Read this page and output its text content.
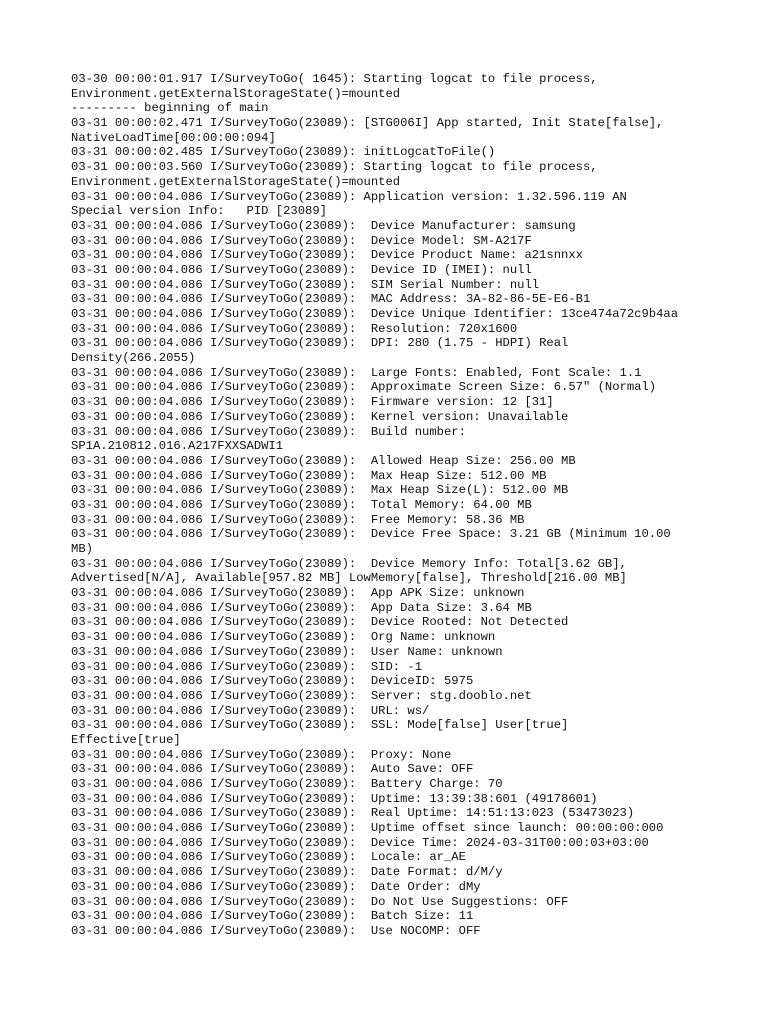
03-30 00:00:01.917 I/SurveyToGo( 1645): Starting logcat to file process,
Environment.getExternalStorageState()=mounted
--------- beginning of main
03-31 00:00:02.471 I/SurveyToGo(23089): [STG006I] App started, Init State[false],
NativeLoadTime[00:00:00:094]
03-31 00:00:02.485 I/SurveyToGo(23089): initLogcatToFile()
03-31 00:00:03.560 I/SurveyToGo(23089): Starting logcat to file process,
Environment.getExternalStorageState()=mounted
03-31 00:00:04.086 I/SurveyToGo(23089): Application version: 1.32.596.119 AN
Special version Info:   PID [23089]
03-31 00:00:04.086 I/SurveyToGo(23089):  Device Manufacturer: samsung
03-31 00:00:04.086 I/SurveyToGo(23089):  Device Model: SM-A217F
03-31 00:00:04.086 I/SurveyToGo(23089):  Device Product Name: a21snnxx
03-31 00:00:04.086 I/SurveyToGo(23089):  Device ID (IMEI): null
03-31 00:00:04.086 I/SurveyToGo(23089):  SIM Serial Number: null
03-31 00:00:04.086 I/SurveyToGo(23089):  MAC Address: 3A-82-86-5E-E6-B1
03-31 00:00:04.086 I/SurveyToGo(23089):  Device Unique Identifier: 13ce474a72c9b4aa
03-31 00:00:04.086 I/SurveyToGo(23089):  Resolution: 720x1600
03-31 00:00:04.086 I/SurveyToGo(23089):  DPI: 280 (1.75 - HDPI) Real
Density(266.2055)
03-31 00:00:04.086 I/SurveyToGo(23089):  Large Fonts: Enabled, Font Scale: 1.1
03-31 00:00:04.086 I/SurveyToGo(23089):  Approximate Screen Size: 6.57" (Normal)
03-31 00:00:04.086 I/SurveyToGo(23089):  Firmware version: 12 [31]
03-31 00:00:04.086 I/SurveyToGo(23089):  Kernel version: Unavailable
03-31 00:00:04.086 I/SurveyToGo(23089):  Build number:
SP1A.210812.016.A217FXXSADWI1
03-31 00:00:04.086 I/SurveyToGo(23089):  Allowed Heap Size: 256.00 MB
03-31 00:00:04.086 I/SurveyToGo(23089):  Max Heap Size: 512.00 MB
03-31 00:00:04.086 I/SurveyToGo(23089):  Max Heap Size(L): 512.00 MB
03-31 00:00:04.086 I/SurveyToGo(23089):  Total Memory: 64.00 MB
03-31 00:00:04.086 I/SurveyToGo(23089):  Free Memory: 58.36 MB
03-31 00:00:04.086 I/SurveyToGo(23089):  Device Free Space: 3.21 GB (Minimum 10.00
MB)
03-31 00:00:04.086 I/SurveyToGo(23089):  Device Memory Info: Total[3.62 GB],
Advertised[N/A], Available[957.82 MB] LowMemory[false], Threshold[216.00 MB]
03-31 00:00:04.086 I/SurveyToGo(23089):  App APK Size: unknown
03-31 00:00:04.086 I/SurveyToGo(23089):  App Data Size: 3.64 MB
03-31 00:00:04.086 I/SurveyToGo(23089):  Device Rooted: Not Detected
03-31 00:00:04.086 I/SurveyToGo(23089):  Org Name: unknown
03-31 00:00:04.086 I/SurveyToGo(23089):  User Name: unknown
03-31 00:00:04.086 I/SurveyToGo(23089):  SID: -1
03-31 00:00:04.086 I/SurveyToGo(23089):  DeviceID: 5975
03-31 00:00:04.086 I/SurveyToGo(23089):  Server: stg.dooblo.net
03-31 00:00:04.086 I/SurveyToGo(23089):  URL: ws/
03-31 00:00:04.086 I/SurveyToGo(23089):  SSL: Mode[false] User[true]
Effective[true]
03-31 00:00:04.086 I/SurveyToGo(23089):  Proxy: None
03-31 00:00:04.086 I/SurveyToGo(23089):  Auto Save: OFF
03-31 00:00:04.086 I/SurveyToGo(23089):  Battery Charge: 70
03-31 00:00:04.086 I/SurveyToGo(23089):  Uptime: 13:39:38:601 (49178601)
03-31 00:00:04.086 I/SurveyToGo(23089):  Real Uptime: 14:51:13:023 (53473023)
03-31 00:00:04.086 I/SurveyToGo(23089):  Uptime offset since launch: 00:00:00:000
03-31 00:00:04.086 I/SurveyToGo(23089):  Device Time: 2024-03-31T00:00:03+03:00
03-31 00:00:04.086 I/SurveyToGo(23089):  Locale: ar_AE
03-31 00:00:04.086 I/SurveyToGo(23089):  Date Format: d/M/y
03-31 00:00:04.086 I/SurveyToGo(23089):  Date Order: dMy
03-31 00:00:04.086 I/SurveyToGo(23089):  Do Not Use Suggestions: OFF
03-31 00:00:04.086 I/SurveyToGo(23089):  Batch Size: 11
03-31 00:00:04.086 I/SurveyToGo(23089):  Use NOCOMP: OFF
